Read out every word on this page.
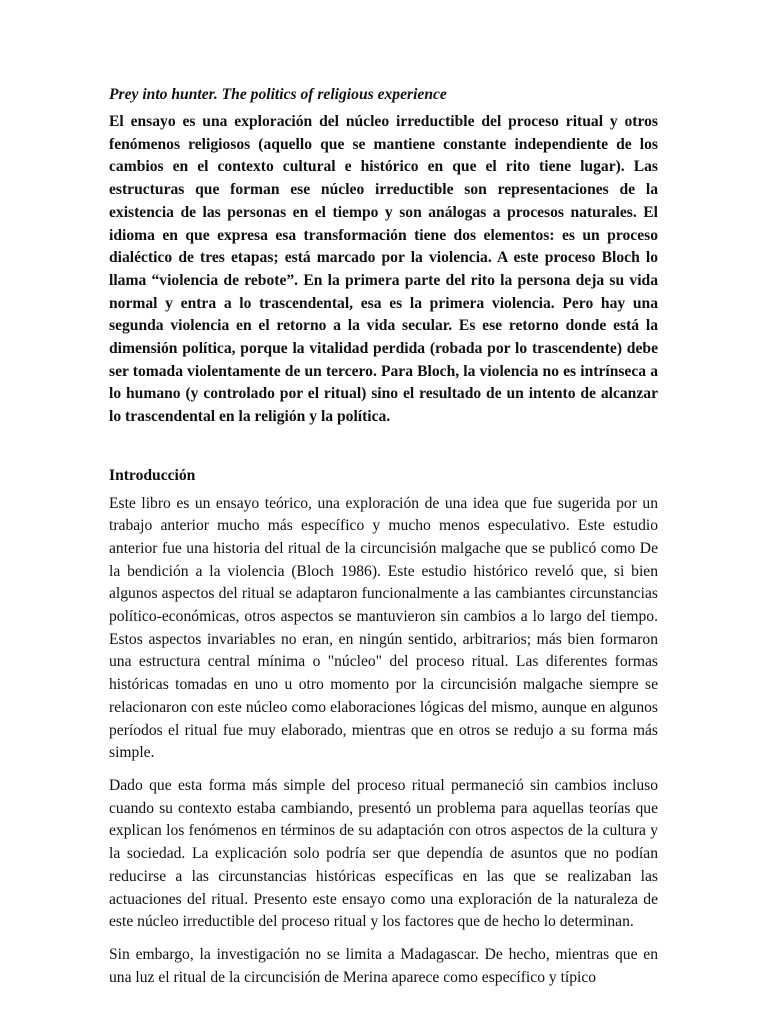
Prey into hunter. The politics of religious experience

El ensayo es una exploración del núcleo irreductible del proceso ritual y otros fenómenos religiosos (aquello que se mantiene constante independiente de los cambios en el contexto cultural e histórico en que el rito tiene lugar). Las estructuras que forman ese núcleo irreductible son representaciones de la existencia de las personas en el tiempo y son análogas a procesos naturales. El idioma en que expresa esa transformación tiene dos elementos: es un proceso dialéctico de tres etapas; está marcado por la violencia. A este proceso Bloch lo llama “violencia de rebote”. En la primera parte del rito la persona deja su vida normal y entra a lo trascendental, esa es la primera violencia. Pero hay una segunda violencia en el retorno a la vida secular. Es ese retorno donde está la dimensión política, porque la vitalidad perdida (robada por lo trascendente) debe ser tomada violentamente de un tercero. Para Bloch, la violencia no es intrínseca a lo humano (y controlado por el ritual) sino el resultado de un intento de alcanzar lo trascendental en la religión y la política.

Introducción

Este libro es un ensayo teórico, una exploración de una idea que fue sugerida por un trabajo anterior mucho más específico y mucho menos especulativo. Este estudio anterior fue una historia del ritual de la circuncisión malgache que se publicó como De la bendición a la violencia (Bloch 1986). Este estudio histórico reveló que, si bien algunos aspectos del ritual se adaptaron funcionalmente a las cambiantes circunstancias político-económicas, otros aspectos se mantuvieron sin cambios a lo largo del tiempo. Estos aspectos invariables no eran, en ningún sentido, arbitrarios; más bien formaron una estructura central mínima o "núcleo" del proceso ritual. Las diferentes formas históricas tomadas en uno u otro momento por la circuncisión malgache siempre se relacionaron con este núcleo como elaboraciones lógicas del mismo, aunque en algunos períodos el ritual fue muy elaborado, mientras que en otros se redujo a su forma más simple.

Dado que esta forma más simple del proceso ritual permaneció sin cambios incluso cuando su contexto estaba cambiando, presentó un problema para aquellas teorías que explican los fenómenos en términos de su adaptación con otros aspectos de la cultura y la sociedad. La explicación solo podría ser que dependía de asuntos que no podían reducirse a las circunstancias históricas específicas en las que se realizaban las actuaciones del ritual. Presento este ensayo como una exploración de la naturaleza de este núcleo irreductible del proceso ritual y los factores que de hecho lo determinan.

Sin embargo, la investigación no se limita a Madagascar. De hecho, mientras que en una luz el ritual de la circuncisión de Merina aparece como específico y típico
